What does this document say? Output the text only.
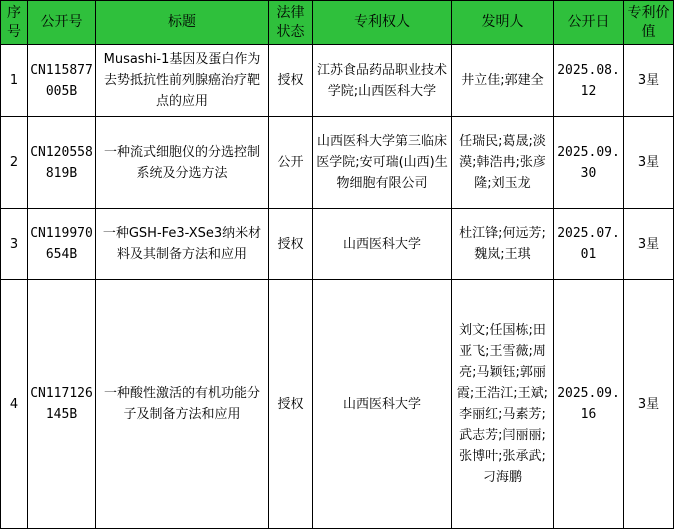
序号	公开号	标题	法律状态	专利权人	发明人	公开日	专利价值
1	CN115877005B	Musashi-1基因及蛋白作为去势抵抗性前列腺癌治疗靶点的应用	授权	江苏食品药品职业技术学院;山西医科大学	井立佳;郭建全	2025.08.12	3星
2	CN120558819B	一种流式细胞仪的分选控制系统及分选方法	公开	山西医科大学第三临床医学院;安可瑞(山西)生物细胞有限公司	任瑞民;葛晟;淡漠;韩浩冉;张彦隆;刘玉龙	2025.09.30	3星
3	CN119970654B	一种GSH-Fe3-XSe3纳米材料及其制备方法和应用	授权	山西医科大学	杜江锋;何远芳;魏岚;王琪	2025.07.01	3星
4	CN117126145B	一种酸性激活的有机功能分子及制备方法和应用	授权	山西医科大学	刘文;任国栋;田亚飞;王雪薇;周亮;马颖钰;郭丽霞;王浩江;王斌;李丽红;马素芳;武志芳;闫丽丽;张博叶;张承武;刁海鹏	2025.09.16	3星
